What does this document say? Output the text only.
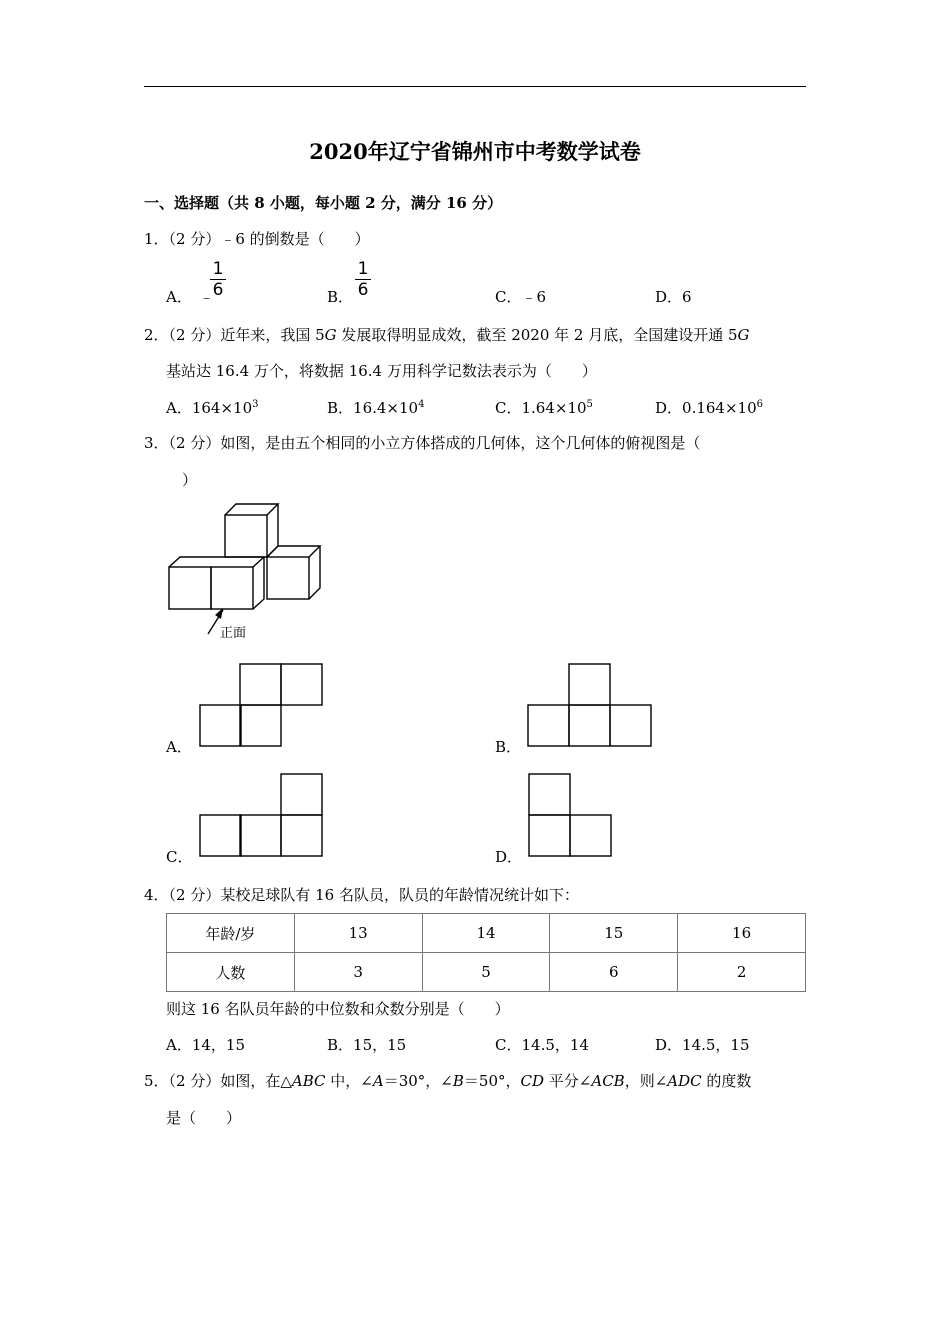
2020年辽宁省锦州市中考数学试卷
一、选择题（共 8 小题，每小题 2 分，满分 16 分）
1．（2 分）﹣6 的倒数是（　　）
A． ﹣
1
6	B．
1
6	C．﹣6	D．6
2．（2 分）近年来，我国 5G 发展取得明显成效，截至 2020 年 2 月底，全国建设开通 5G
基站达 16.4 万个，将数据 16.4 万用科学记数法表示为（　　）
A．$164\times 10^3$	B．$16.4\times 10^4$	C．$1.64\times 10^5$	D．$0.164\times 10^6$
3．（2 分）如图，是由五个相同的小立方体搭成的几何体，这个几何体的俯视图是（
）
正面
A．	B．
C．	D．
4．（2 分）某校足球队有 16 名队员，队员的年龄情况统计如下：
年龄/岁	13	14	15	16
人数	3	5	6	2
则这 16 名队员年龄的中位数和众数分别是（　　）
A．14，15	B．15，15	C．14.5，14	D．14.5，15
5．（2 分）如图，在△ABC 中，∠A＝30°，∠B＝50°，CD 平分∠ACB，则∠ADC 的度数
是（　　）
